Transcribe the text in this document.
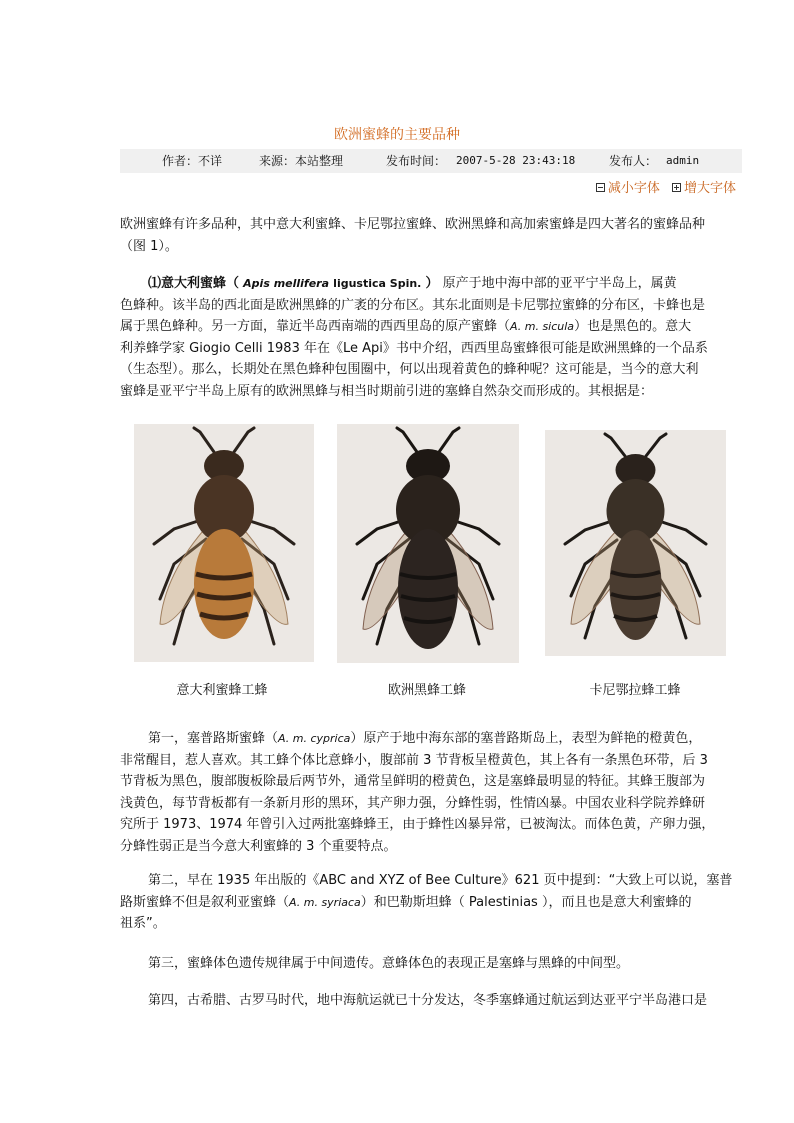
欧洲蜜蜂的主要品种
作者：不详	来源：本站整理	发布时间： 2007-5-28 23:43:18	发布人： admin
减小字体 增大字体
欧洲蜜蜂有许多品种，其中意大利蜜蜂、卡尼鄂拉蜜蜂、欧洲黑蜂和高加索蜜蜂是四大著名的蜜蜂品种
（图 1）。
⑴意大利蜜蜂（ Apis mellifera ligustica Spin. ） 原产于地中海中部的亚平宁半岛上，属黄
色蜂种。该半岛的西北面是欧洲黑蜂的广袤的分布区。其东北面则是卡尼鄂拉蜜蜂的分布区，卡蜂也是
属于黑色蜂种。另一方面，靠近半岛西南端的西西里岛的原产蜜蜂（A. m. sicula）也是黑色的。意大
利养蜂学家 Giogio Celli 1983 年在《Le Api》书中介绍，西西里岛蜜蜂很可能是欧洲黑蜂的一个品系
（生态型）。那么，长期处在黑色蜂种包围圈中，何以出现着黄色的蜂种呢？这可能是，当今的意大利
蜜蜂是亚平宁半岛上原有的欧洲黑蜂与相当时期前引进的塞蜂自然杂交而形成的。其根据是：
意大利蜜蜂工蜂	欧洲黑蜂工蜂	卡尼鄂拉蜂工蜂
第一，塞普路斯蜜蜂（A. m. cyprica）原产于地中海东部的塞普路斯岛上，表型为鲜艳的橙黄色，
非常醒目，惹人喜欢。其工蜂个体比意蜂小，腹部前 3 节背板呈橙黄色，其上各有一条黑色环带，后 3
节背板为黑色，腹部腹板除最后两节外，通常呈鲜明的橙黄色，这是塞蜂最明显的特征。其蜂王腹部为
浅黄色，每节背板都有一条新月形的黑环，其产卵力强，分蜂性弱，性情凶暴。中国农业科学院养蜂研
究所于 1973、1974 年曾引入过两批塞蜂蜂王，由于蜂性凶暴异常，已被淘汰。而体色黄，产卵力强，
分蜂性弱正是当今意大利蜜蜂的 3 个重要特点。
第二，早在 1935 年出版的《ABC and XYZ of Bee Culture》621 页中提到：“大致上可以说，塞普
路斯蜜蜂不但是叙利亚蜜蜂（A. m. syriaca）和巴勒斯坦蜂（ Palestinias ），而且也是意大利蜜蜂的
祖系”。
第三，蜜蜂体色遗传规律属于中间遗传。意蜂体色的表现正是塞蜂与黑蜂的中间型。
第四，古希腊、古罗马时代，地中海航运就已十分发达，冬季塞蜂通过航运到达亚平宁半岛港口是
